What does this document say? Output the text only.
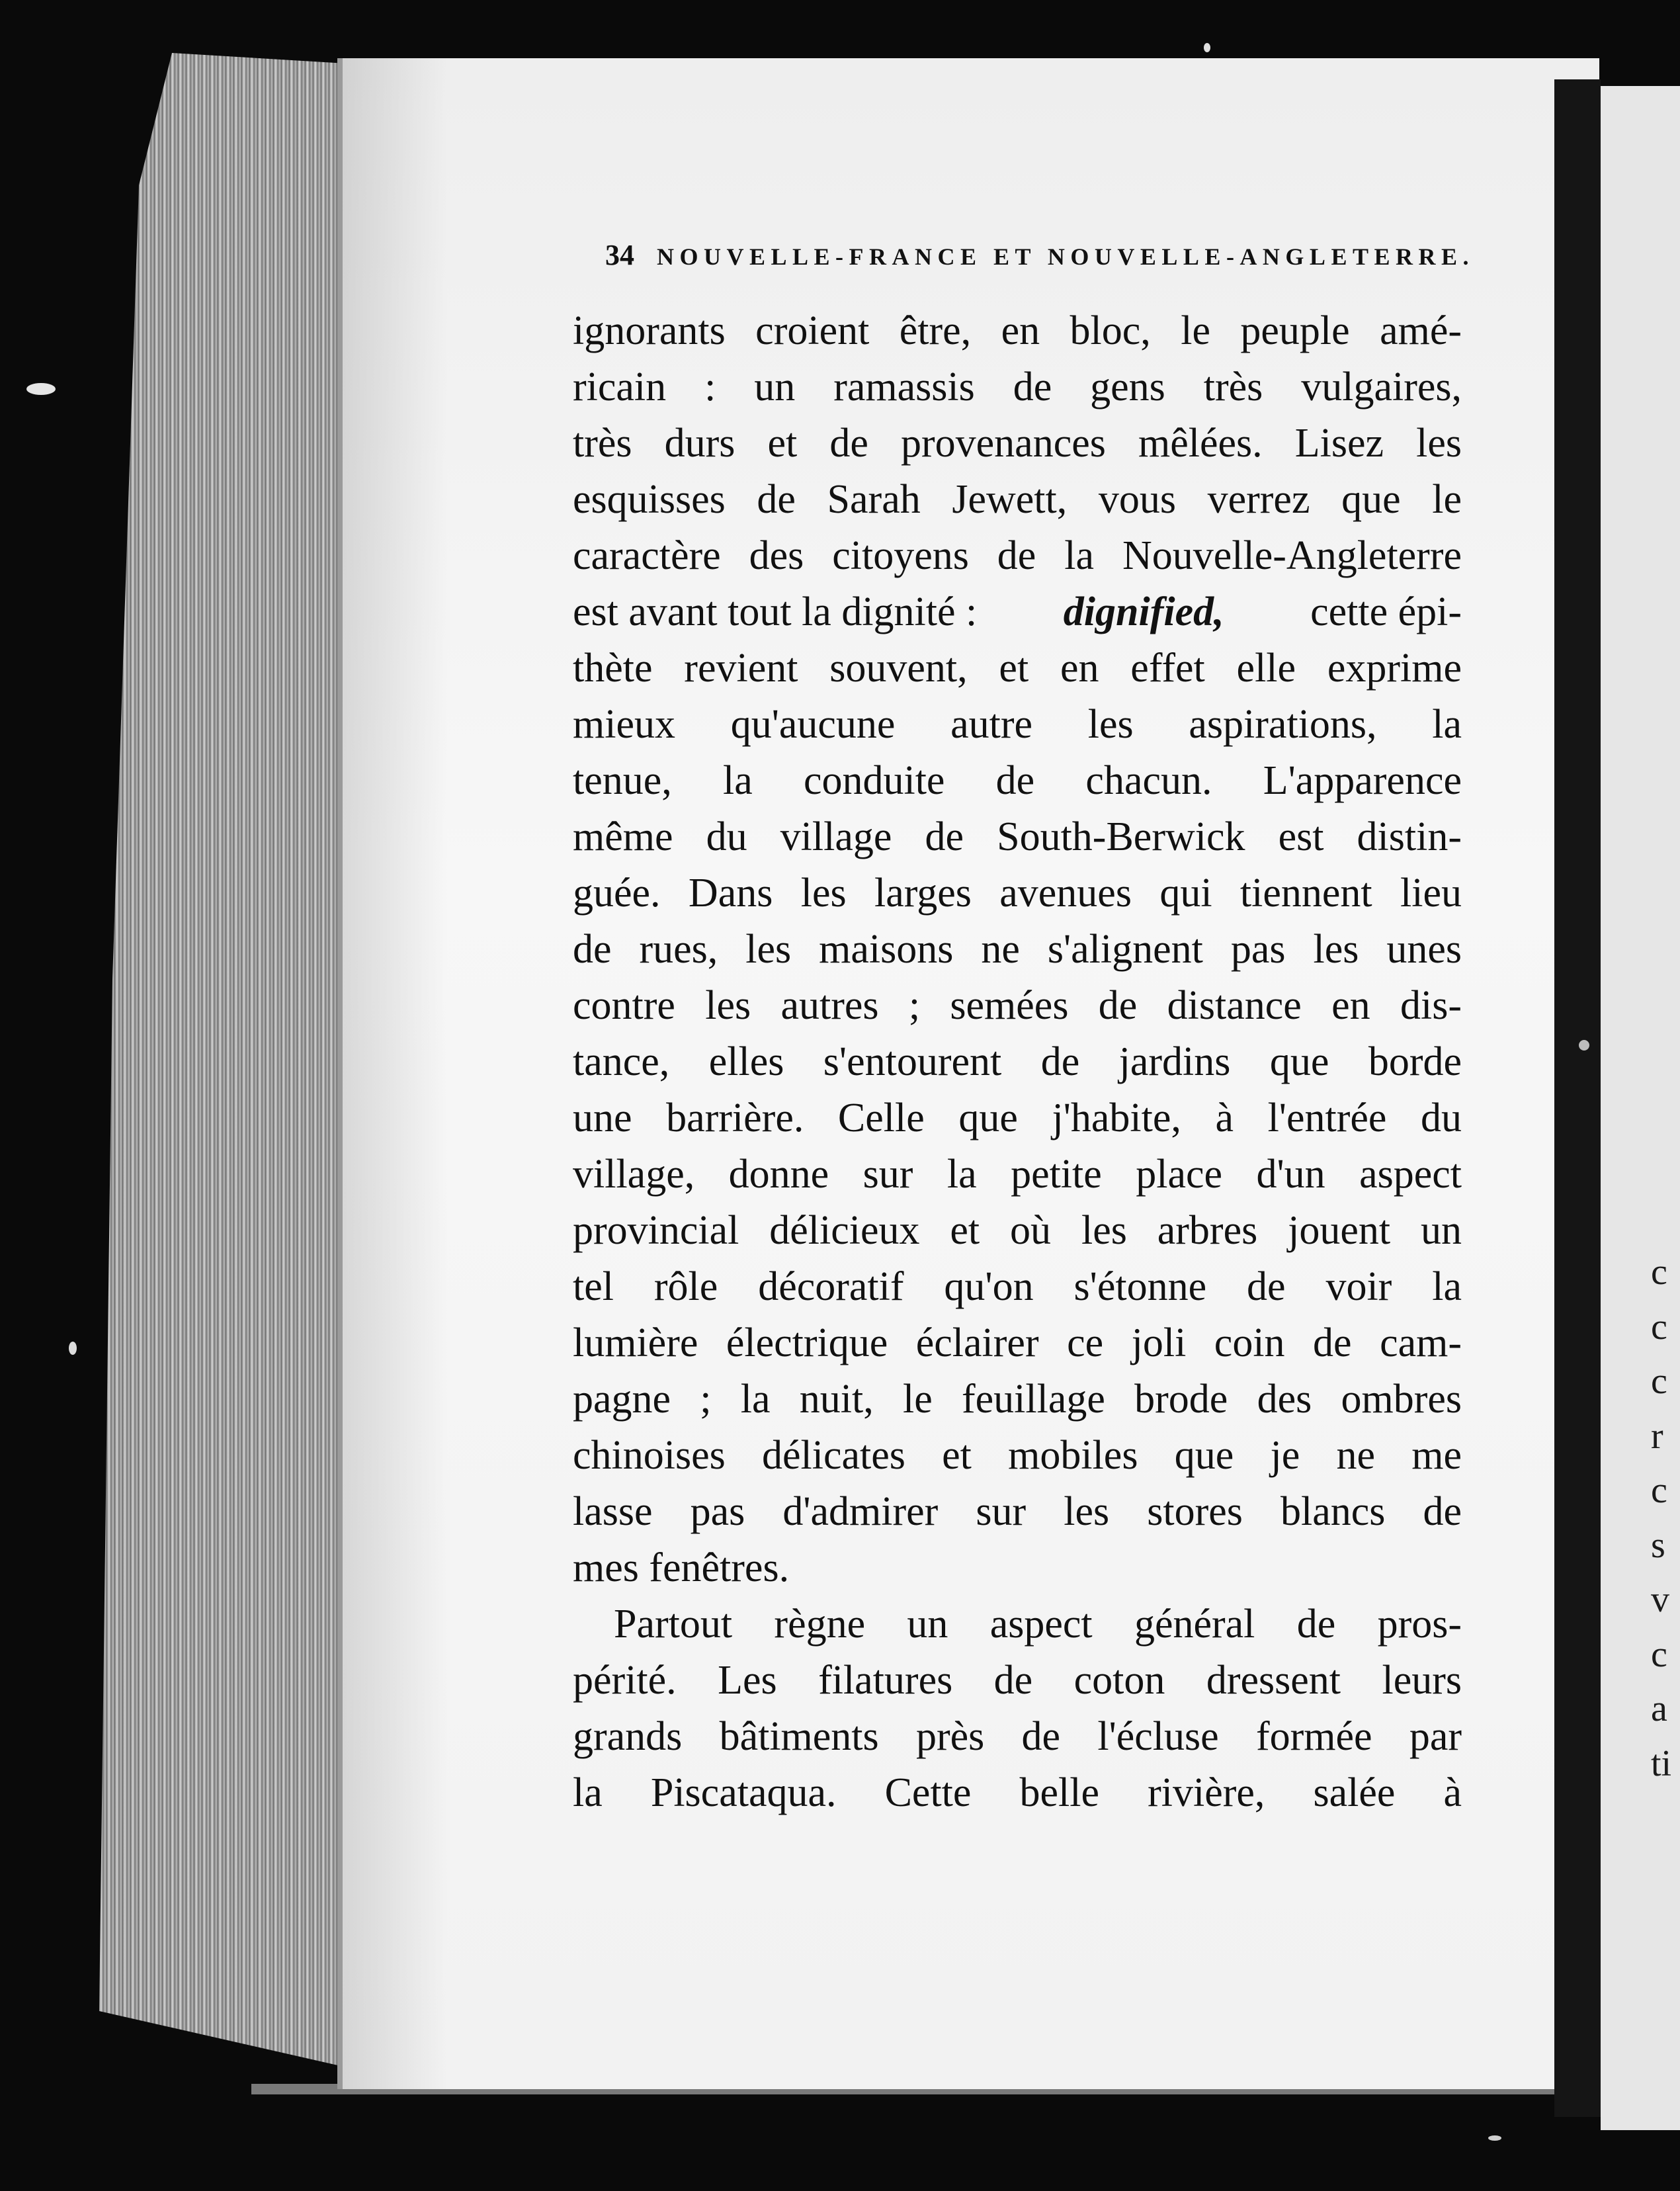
c
c
c
r
c
s
v
c
a
ti
34 NOUVELLE-FRANCE ET NOUVELLE-ANGLETERRE.
ignorants croient être, en bloc, le peuple amé-
ricain : un ramassis de gens très vulgaires,
très durs et de provenances mêlées. Lisez les
esquisses de Sarah Jewett, vous verrez que le
caractère des citoyens de la Nouvelle-Angleterre
est avant tout la dignité : dignified, cette épi-
thète revient souvent, et en effet elle exprime
mieux qu'aucune autre les aspirations, la
tenue, la conduite de chacun. L'apparence
même du village de South-Berwick est distin-
guée. Dans les larges avenues qui tiennent lieu
de rues, les maisons ne s'alignent pas les unes
contre les autres ; semées de distance en dis-
tance, elles s'entourent de jardins que borde
une barrière. Celle que j'habite, à l'entrée du
village, donne sur la petite place d'un aspect
provincial délicieux et où les arbres jouent un
tel rôle décoratif qu'on s'étonne de voir la
lumière électrique éclairer ce joli coin de cam-
pagne ; la nuit, le feuillage brode des ombres
chinoises délicates et mobiles que je ne me
lasse pas d'admirer sur les stores blancs de
mes fenêtres.
Partout règne un aspect général de pros-
périté. Les filatures de coton dressent leurs
grands bâtiments près de l'écluse formée par
la Piscataqua. Cette belle rivière, salée à
